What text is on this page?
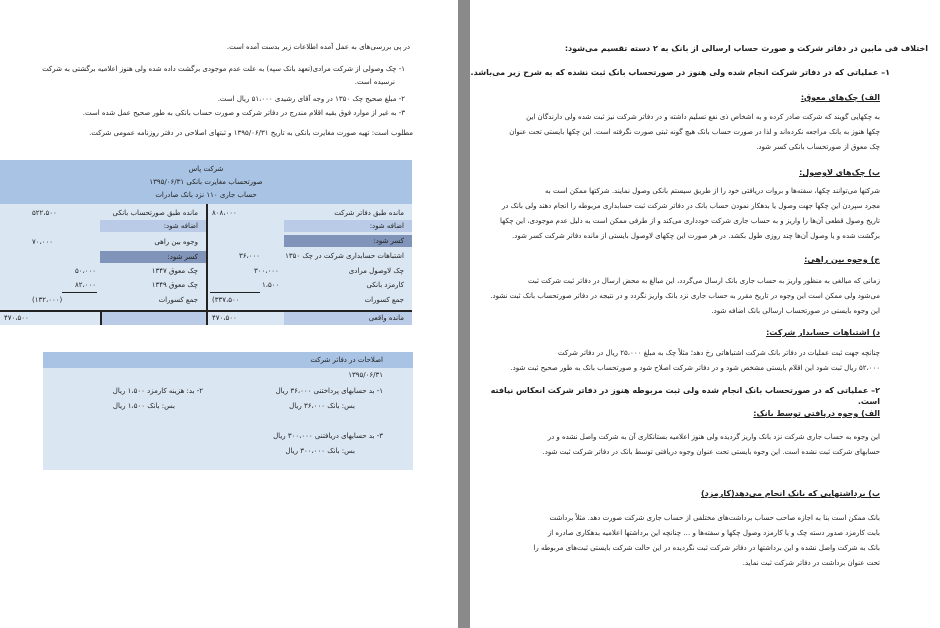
در پی بررسی‌های به عمل آمده اطلاعات زیر بدست آمده است.
۱- چک وصولی از شرکت مرادی(تعهد بانک سپه) به علت عدم موجودی برگشت داده شده ولی هنوز اعلامیه برگشتی به شرکت
نرسیده است.
۲- مبلغ صحیح چک ۱۳۵۰ در وجه آقای رشیدی ۵۱،۰۰۰ ریال است.
۳- به غیر از موارد فوق بقیه اقلام مندرج در دفاتر شرکت و صورت حساب بانکی به طور صحیح عمل شده است.
مطلوب است: تهیه صورت مغایرت بانکی به تاریخ ۱۳۹۵/۰۶/۳۱ و ثبتهای اصلاحی در دفتر روزنامه عمومی شرکت.
شرکت پاس
صورتحساب مغایرت بانکی ۱۳۹۵/۰۶/۳۱
حساب جاری ۱۱۰ نزد بانک صادرات
مانده طبق دفاتر شرکت
۸۰۸،۰۰۰
اضافه شود:
کسر شود:
اشتباهات حسابداری شرکت در چک ۱۳۵۰
۳۶،۰۰۰
چک لاوصول مرادی
۳۰۰،۰۰۰
کارمزد بانکی
۱،۵۰۰
جمع کسورات
(۳۳۷،۵۰۰
مانده واقعی
۴۷۰،۵۰۰
مانده طبق صورتحساب بانکی
۵۲۲،۵۰۰
اضافه شود:
وجوه بین راهی
۷۰،۰۰۰
کسر شود:
چک معوق ۱۳۴۷
۵۰،۰۰۰
چک معوق ۱۳۴۹
۸۲،۰۰۰
جمع کسورات
(۱۳۲،۰۰۰)
۴۷۰،۵۰۰
اصلاحات در دفاتر شرکت
۱۳۹۵/۰۶/۳۱
۱- بد حسابهای پرداختنی ۳۶،۰۰۰ ریال
بس: بانک ۳۶،۰۰۰ ریال
۲- بد: هزینه کارمزد ۱،۵۰۰ ریال
بس: بانک ۱،۵۰۰ ریال
۳- بد حسابهای دریافتنی ۳۰۰،۰۰۰ ریال
بس: بانک ۳۰۰،۰۰۰ ریال
اختلاف فی مابین در دفاتر شرکت و صورت حساب ارسالی از بانک به ۲ دسته تقسیم می‌شود:
۱– عملیاتی که در دفاتر شرکت انجام شده ولی هنوز در صورتحساب بانک ثبت نشده که به شرح زیر می‌باشد.
الف) چک‌های معوق:
به چکهایی گویند که شرکت صادر کرده و به اشخاص ذی نفع تسلیم داشته و در دفاتر شرکت نیز ثبت شده ولی دارندگان این
چکها هنوز به بانک مراجعه نکرده‌اند و لذا در صورت حساب بانک هیچ گونه ثبتی صورت نگرفته است. این چکها بایستی تحت عنوان
چک معوق از صورتحساب بانکی کسر شود.
ب) چک‌های لاوصول:
شرکتها می‌توانند چکها، سفته‌ها و بروات دریافتی خود را از طریق سیستم بانکی وصول نمایند. شرکتها ممکن است به
مجرد سپردن این چکها جهت وصول یا بدهکار نمودن حساب بانک در دفاتر شرکت ثبت حسابداری مربوطه را انجام دهند ولی بانک در
تاریخ وصول قطعی آن‌ها را واریز و به حساب جاری شرکت خودداری می‌کند و از طرفی ممکن است به دلیل عدم موجودی، این چکها
برگشت شده و یا وصول آن‌ها چند روزی طول بکشد. در هر صورت این چکهای لاوصول بایستی از مانده دفاتر شرکت کسر شود.
ج) وجوه بین راهی:
زمانی که مبالغی به منظور واریز به حساب جاری بانک ارسال می‌گردد، این مبالغ به محض ارسال در دفاتر ثبت شرکت ثبت
می‌شود ولی ممکن است این وجوه در تاریخ مقرر به حساب جاری نزد بانک واریز نگردد و در نتیجه در دفاتر صورتحساب بانک ثبت نشود.
این وجوه بایستی در صورتحساب ارسالی بانک اضافه شود.
د) اشتباهات حسابدار شرکت:
چنانچه جهت ثبت عملیات در دفاتر بانک شرکت اشتباهاتی رخ دهد؛ مثلاً چک به مبلغ ۲۵،۰۰۰ ریال در دفاتر شرکت
۵۲،۰۰۰ ریال ثبت شود این اقلام بایستی مشخص شود و در دفاتر شرکت اصلاح شود و صورتحساب بانک به طور صحیح ثبت شود.
۲– عملیاتی که در صورتحساب بانک انجام شده ولی ثبت مربوطه هنوز در دفاتر شرکت انعکاس نیافته است.
الف) وجوه دریافتی توسط بانک:
این وجوه به حساب جاری شرکت نزد بانک واریز گردیده ولی هنوز اعلامیه بستانکاری آن به شرکت واصل نشده و در
حسابهای شرکت ثبت نشده است. این وجوه بایستی تحت عنوان وجوه دریافتی توسط بانک در دفاتر شرکت ثبت شود.
ب) برداشتهایی که بانک انجام می‌دهد(کارمزد)
بانک ممکن است بنا به اجازه صاحب حساب برداشت‌های مختلفی از حساب جاری شرکت صورت دهد. مثلاً برداشت
بابت کارمزد صدور دسته چک و یا کارمزد وصول چکها و سفته‌ها و … چنانچه این برداشتها اعلامیه بدهکاری صادره از
بانک به شرکت واصل نشده و این برداشتها در دفاتر شرکت ثبت نگردیده در این حالت شرکت بایستی ثبت‌های مربوطه را
تحت عنوان برداشت در دفاتر شرکت ثبت نماید.
